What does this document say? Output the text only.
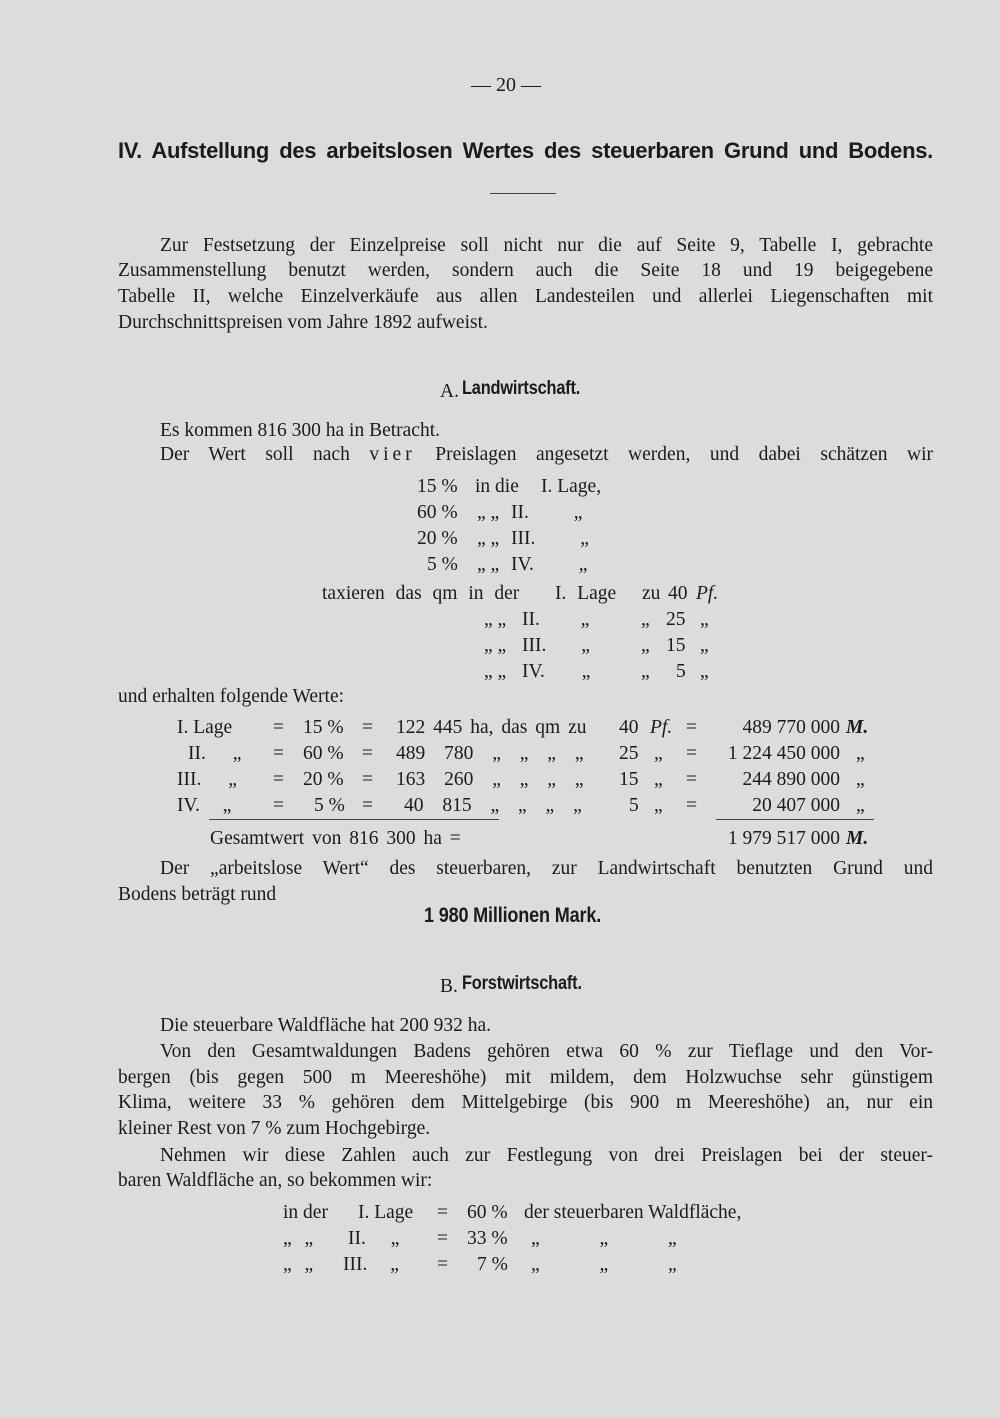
— 20 —
IV. Aufstellung des arbeitslosen Wertes des steuerbaren Grund und Bodens.
Zur Festsetzung der Einzelpreise soll nicht nur die auf Seite 9, Tabelle I, gebrachte
Zusammenstellung benutzt werden, sondern auch die Seite 18 und 19 beigegebene
Tabelle II, welche Einzelverkäufe aus allen Landesteilen und allerlei Liegenschaften mit
Durchschnittspreisen vom Jahre 1892 aufweist.
A. Landwirtschaft.
Es kommen 816 300 ha in Betracht.
Der Wert soll nach vier Preislagen angesetzt werden, und dabei schätzen wir
15 % in die I. Lage,
60 % „ „ II. „
20 % „ „ III. „
5 % „ „ IV. „
taxieren das qm in der I. Lage zu 40 Pf.
„ „ II. „	„ 25 „
„ „ III. „	„ 15 „
„ „ IV. „	„ 5 „
und erhalten folgende Werte:
I. Lage = 15 % = 122 445 ha, das qm zu 40 Pf. =	489 770 000 M.
II. „ = 60 % = 489 780 „ „ „ „ 25 „ =	1 224 450 000 „
III. „ = 20 % = 163 260 „ „ „ „ 15 „ =	244 890 000 „
IV. „ = 5 % = 40 815 „ „ „ „ 5 „ =	20 407 000 „
Gesamtwert von 816 300 ha =	1 979 517 000 M.
Der „arbeitslose Wert“ des steuerbaren, zur Landwirtschaft benutzten Grund und
Bodens beträgt rund
1 980 Millionen Mark.
B. Forstwirtschaft.
Die steuerbare Waldfläche hat 200 932 ha.
Von den Gesamtwaldungen Badens gehören etwa 60 % zur Tieflage und den Vor-
bergen (bis gegen 500 m Meereshöhe) mit mildem, dem Holzwuchse sehr günstigem
Klima, weitere 33 % gehören dem Mittelgebirge (bis 900 m Meereshöhe) an, nur ein
kleiner Rest von 7 % zum Hochgebirge.
Nehmen wir diese Zahlen auch zur Festlegung von drei Preislagen bei der steuer-
baren Waldfläche an, so bekommen wir:
in der I. Lage = 60 % der steuerbaren Waldfläche,
„ „ II. „ = 33 % „ „ „
„ „ III. „ = 7 % „ „ „
